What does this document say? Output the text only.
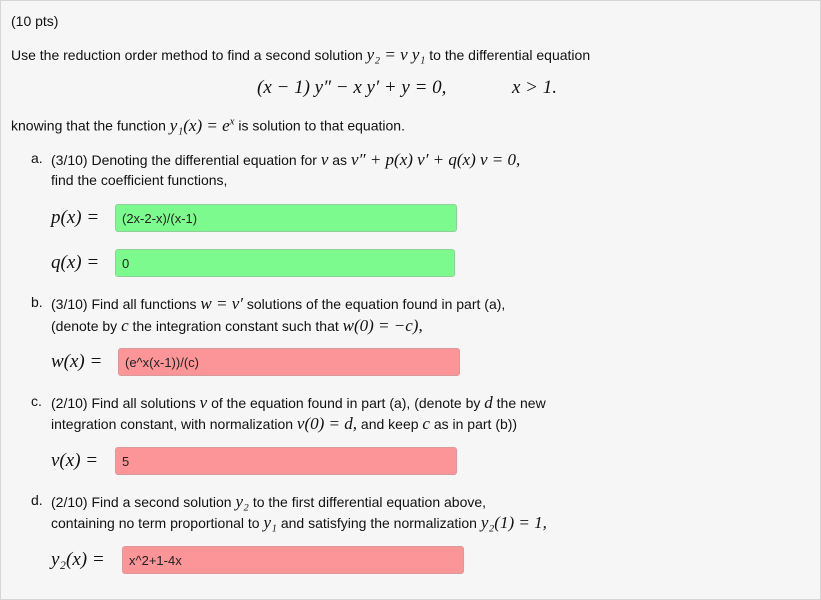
(10 pts)
Use the reduction order method to find a second solution y₂ = v y₁ to the differential equation
(x − 1) y″ − x y′ + y = 0,	x > 1.
knowing that the function $y_1(x) = e^x$ is solution to that equation.
a. (3/10) Denoting the differential equation for v as v″ + p(x) v′ + q(x) v = 0,
find the coefficient functions,
p(x) =
(2x-2-x)/(x-1)
q(x) =
0
b. (3/10) Find all functions w = v′ solutions of the equation found in part (a),
(denote by c the integration constant such that w(0) = −c),
w(x) =
(e^x(x-1))/(c)
c. (2/10) Find all solutions v of the equation found in part (a), (denote by d the new
integration constant, with normalization v(0) = d, and keep c as in part (b))
v(x) =
5
d. (2/10) Find a second solution y₂ to the first differential equation above,
containing no term proportional to y₁ and satisfying the normalization y₂(1) = 1,
y₂(x) =
x^2+1-4x
